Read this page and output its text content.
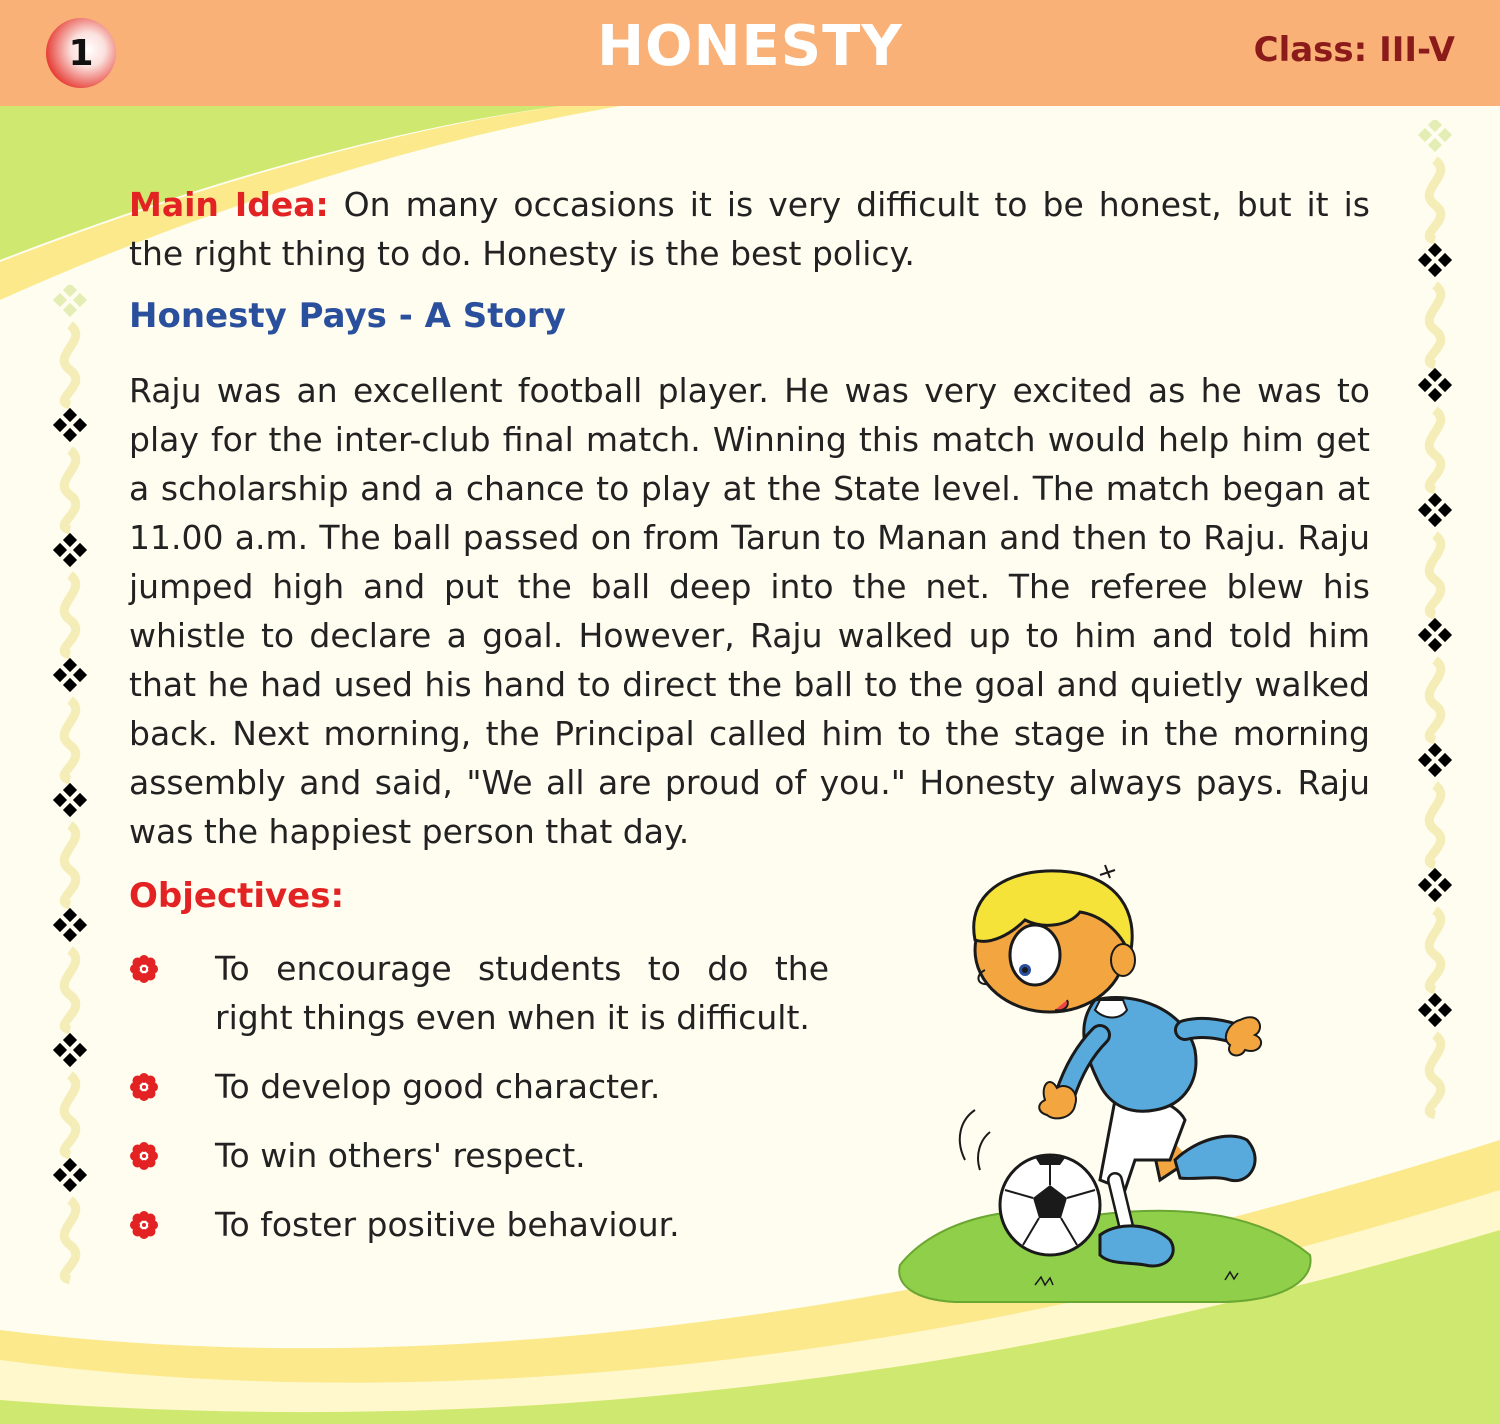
1	HONESTY	Class: III-V

Main Idea: On many occasions it is very difficult to be honest, but it is the right thing to do. Honesty is the best policy.

Honesty Pays - A Story

Raju was an excellent football player. He was very excited as he was to play for the inter-club final match. Winning this match would help him get a scholarship and a chance to play at the State level. The match began at 11.00 a.m. The ball passed on from Tarun to Manan and then to Raju. Raju jumped high and put the ball deep into the net. The referee blew his whistle to declare a goal. However, Raju walked up to him and told him that he had used his hand to direct the ball to the goal and quietly walked back. Next morning, the Principal called him to the stage in the morning assembly and said, "We all are proud of you." Honesty always pays. Raju was the happiest person that day.

Objectives:
To encourage students to do the right things even when it is difficult.
To develop good character.
To win others' respect.
To foster positive behaviour.
